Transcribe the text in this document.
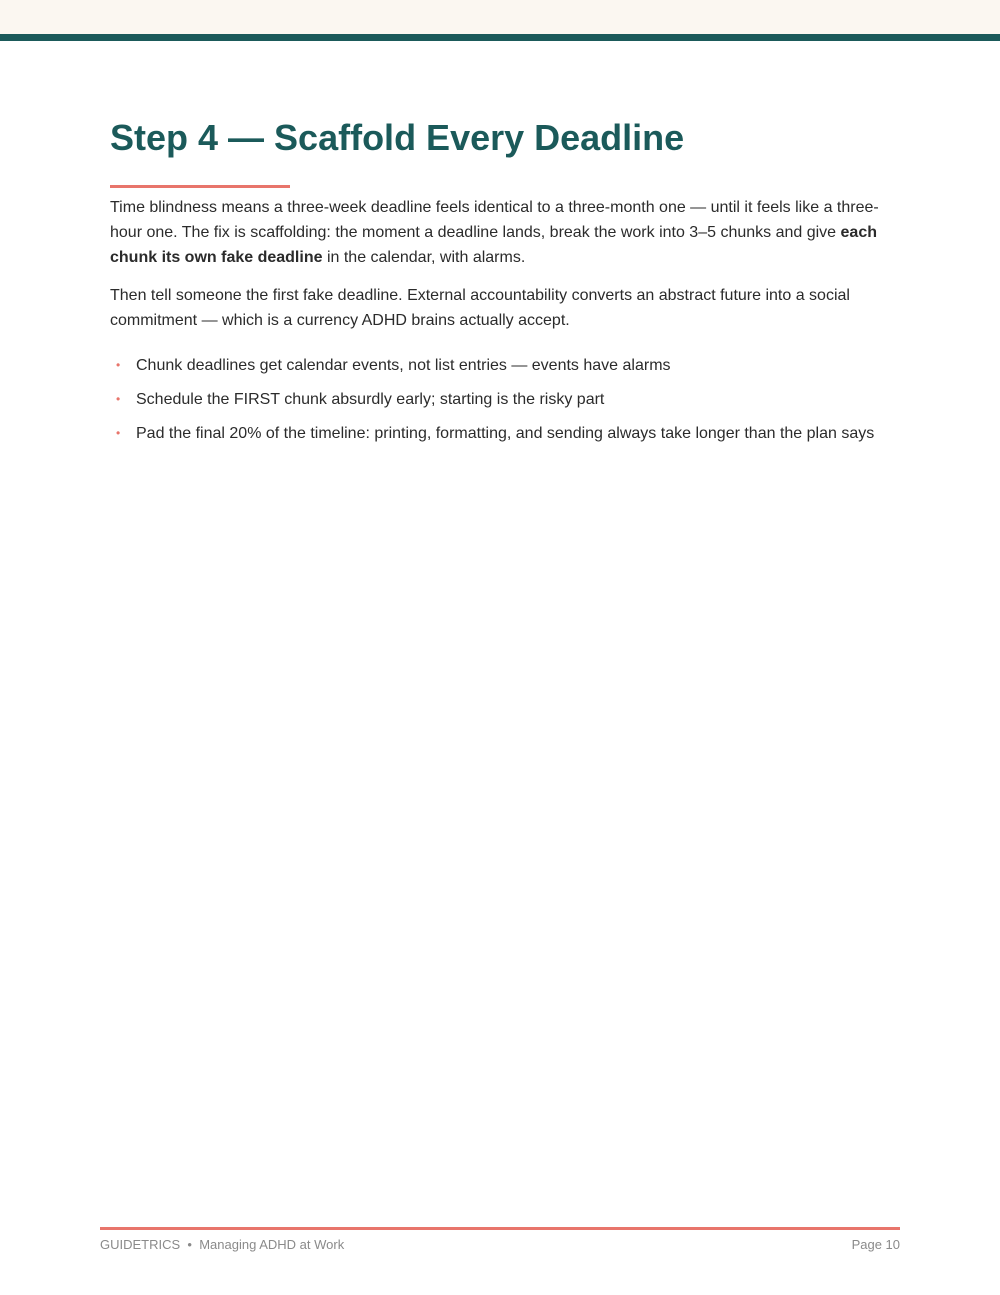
Step 4 — Scaffold Every Deadline

Time blindness means a three-week deadline feels identical to a three-month one — until it feels like a three-hour one. The fix is scaffolding: the moment a deadline lands, break the work into 3–5 chunks and give each chunk its own fake deadline in the calendar, with alarms.

Then tell someone the first fake deadline. External accountability converts an abstract future into a social commitment — which is a currency ADHD brains actually accept.

• Chunk deadlines get calendar events, not list entries — events have alarms
• Schedule the FIRST chunk absurdly early; starting is the risky part
• Pad the final 20% of the timeline: printing, formatting, and sending always take longer than the plan says
GUIDETRICS • Managing ADHD at Work	Page 10
